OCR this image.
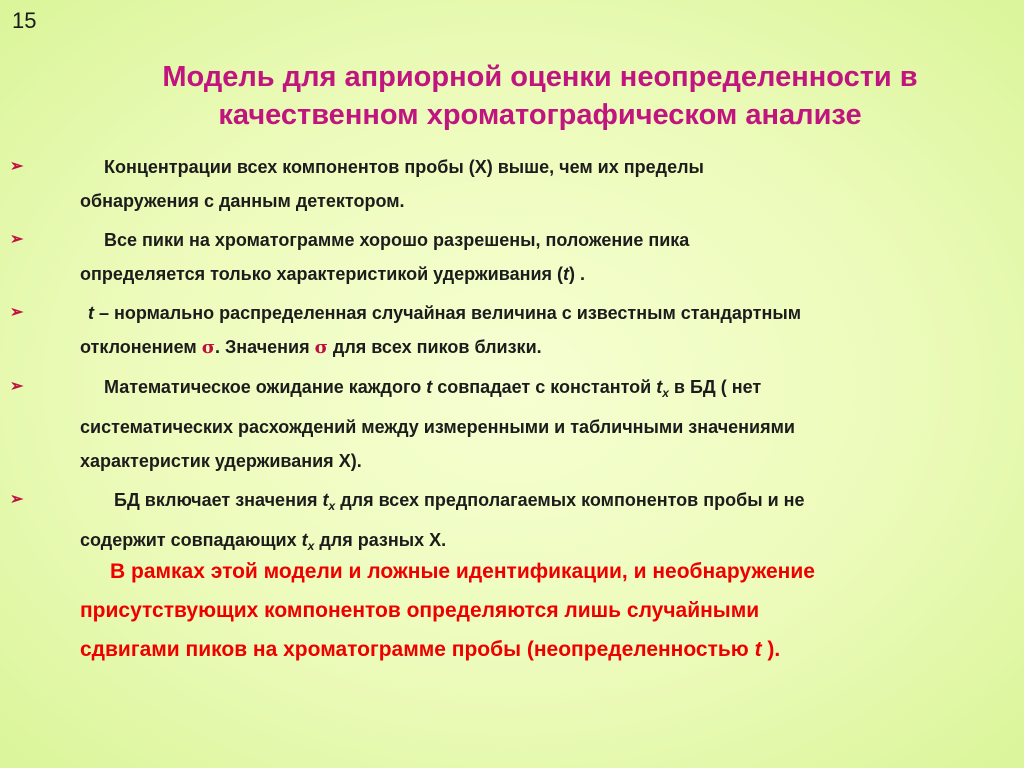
15
Модель для априорной оценки неопределенности в
качественном хроматографическом анализе
➢	Концентрации всех компонентов пробы (Х) выше, чем их пределы
обнаружения с данным детектором.
➢	Все пики на хроматограмме хорошо разрешены, положение пика
определяется только характеристикой удерживания (t) .
➢	t – нормально распределенная случайная величина с известным стандартным
отклонением σ. Значения σ для всех пиков близки.
➢	Математическое ожидание каждого t совпадает с константой $t_x$ в БД ( нет
систематических расхождений между измеренными и табличными значениями
характеристик удерживания Х).
➢	БД включает значения $t_x$ для всех предполагаемых компонентов пробы и не
содержит совпадающих $t_x$ для разных Х.
В рамках этой модели и ложные идентификации, и необнаружение
присутствующих компонентов определяются лишь случайными
сдвигами пиков на хроматограмме пробы (неопределенностью t ).
